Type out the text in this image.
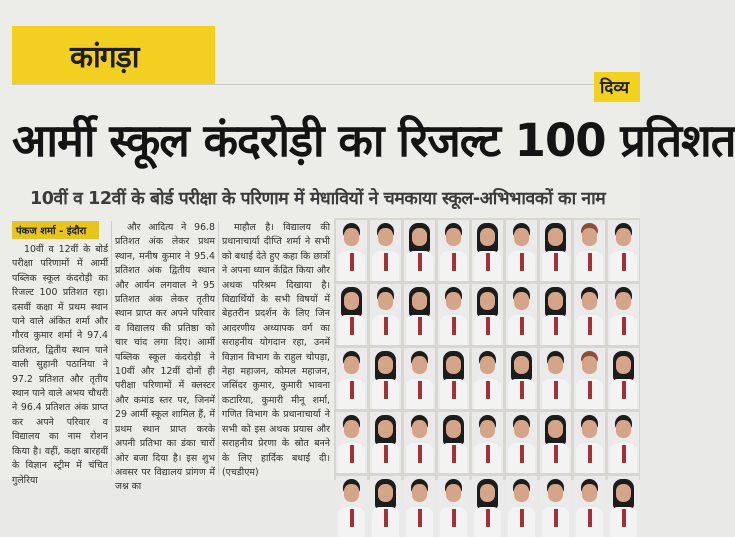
कांगड़ा
दिव्य
आर्मी स्कूल कंदरोड़ी का रिजल्ट 100 प्रतिशत
10वीं व 12वीं के बोर्ड परीक्षा के परिणाम में मेधावियों ने चमकाया स्कूल-अभिभावकों का नाम
पंकज शर्मा - इंदौरा
10वीं व 12वीं के बोर्ड परीक्षा परिणामों में आर्मी पब्लिक स्कूल कंदरोड़ी का रिजल्ट 100 प्रतिशत रहा। दसवीं कक्षा में प्रथम स्थान पाने वाले अंकित शर्मा और गौरव कुमार शर्मा ने 97.4 प्रतिशत, द्वितीय स्थान पाने वाली सुहानी पठानिया ने 97.2 प्रतिशत और तृतीय स्थान पाने वाले अभय चौधरी ने 96.4 प्रतिशत अंक प्राप्त कर अपने परिवार व विद्यालय का नाम रोशन किया है। वहीं, कक्षा बारहवीं के विज्ञान स्ट्रीम में चंचित गुलेरिया
और आदित्य ने 96.8 प्रतिशत अंक लेकर प्रथम स्थान, मनीष कुमार ने 95.4 प्रतिशत अंक द्वितीय स्थान और आर्यन लगवाल ने 95 प्रतिशत अंक लेकर तृतीय स्थान प्राप्त कर अपने परिवार व विद्यालय की प्रतिष्ठा को चार चांद लगा दिए। आर्मी पब्लिक स्कूल कंदरोड़ी ने 10वीं और 12वीं दोनों ही परीक्षा परिणामों में क्लस्टर और कमांड स्तर पर, जिनमें 29 आर्मी स्कूल शामिल हैं, में प्रथम स्थान प्राप्त करके अपनी प्रतिभा का डंका चारों ओर बजा दिया है। इस शुभ अवसर पर विद्यालय प्रांगण में जश्न का
माहौल है। विद्यालय की प्रधानाचार्या दीप्ति शर्मा ने सभी को बधाई देते हुए कहा कि छात्रों ने अपना ध्यान केंद्रित किया और अथक परिश्रम दिखाया है। विद्यार्थियों के सभी विषयों में बेहतरीन प्रदर्शन के लिए जिन आदरणीय अध्यापक वर्ग का सराहनीय योगदान रहा, उनमें विज्ञान विभाग के राहुल चोपड़ा, नेहा महाजन, कोमल महाजन, जसिंदर कुमार, कुमारी भावना कटारिया, कुमारी मीनू शर्मा, गणित विभाग के प्रधानाचार्या ने सभी को इस अथक प्रयास और सराहनीय प्रेरणा के स्रोत बनने के लिए हार्दिक बधाई दी। (एचडीएम)
